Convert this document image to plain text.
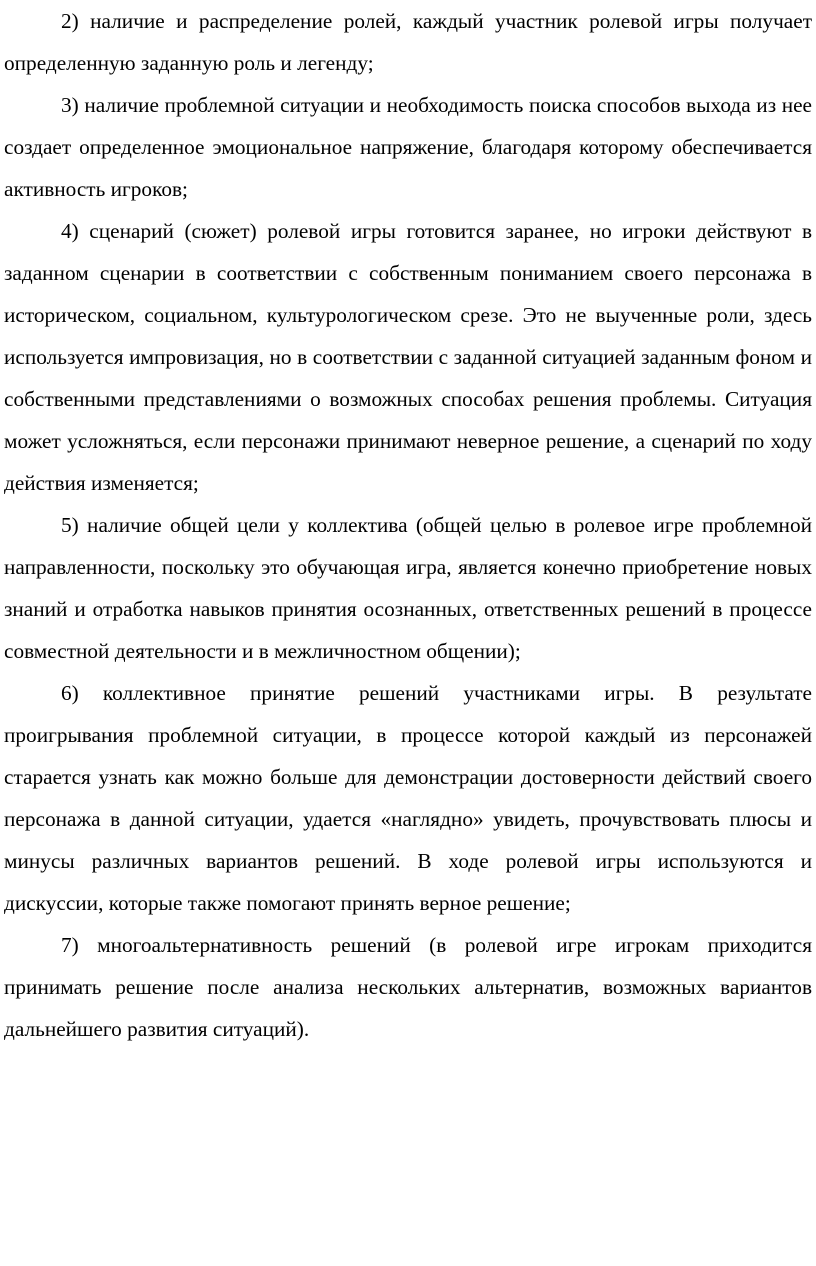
2) наличие и распределение ролей, каждый участник ролевой игры получает определенную заданную роль и легенду;

3) наличие проблемной ситуации и необходимость поиска способов выхода из нее создает определенное эмоциональное напряжение, благодаря которому обеспечивается активность игроков;

4) сценарий (сюжет) ролевой игры готовится заранее, но игроки действуют в заданном сценарии в соответствии с собственным пониманием своего персонажа в историческом, социальном, культурологическом срезе. Это не выученные роли, здесь используется импровизация, но в соответствии с заданной ситуацией заданным фоном и собственными представлениями о возможных способах решения проблемы. Ситуация может усложняться, если персонажи принимают неверное решение, а сценарий по ходу действия изменяется;

5) наличие общей цели у коллектива (общей целью в ролевое игре проблемной направленности, поскольку это обучающая игра, является конечно приобретение новых знаний и отработка навыков принятия осознанных, ответственных решений в процессе совместной деятельности и в межличностном общении);

6) коллективное принятие решений участниками игры. В результате проигрывания проблемной ситуации, в процессе которой каждый из персонажей старается узнать как можно больше для демонстрации достоверности действий своего персонажа в данной ситуации, удается «наглядно» увидеть, прочувствовать плюсы и минусы различных вариантов решений. В ходе ролевой игры используются и дискуссии, которые также помогают принять верное решение;

7) многоальтернативность решений (в ролевой игре игрокам приходится принимать решение после анализа нескольких альтернатив, возможных вариантов дальнейшего развития ситуаций).
